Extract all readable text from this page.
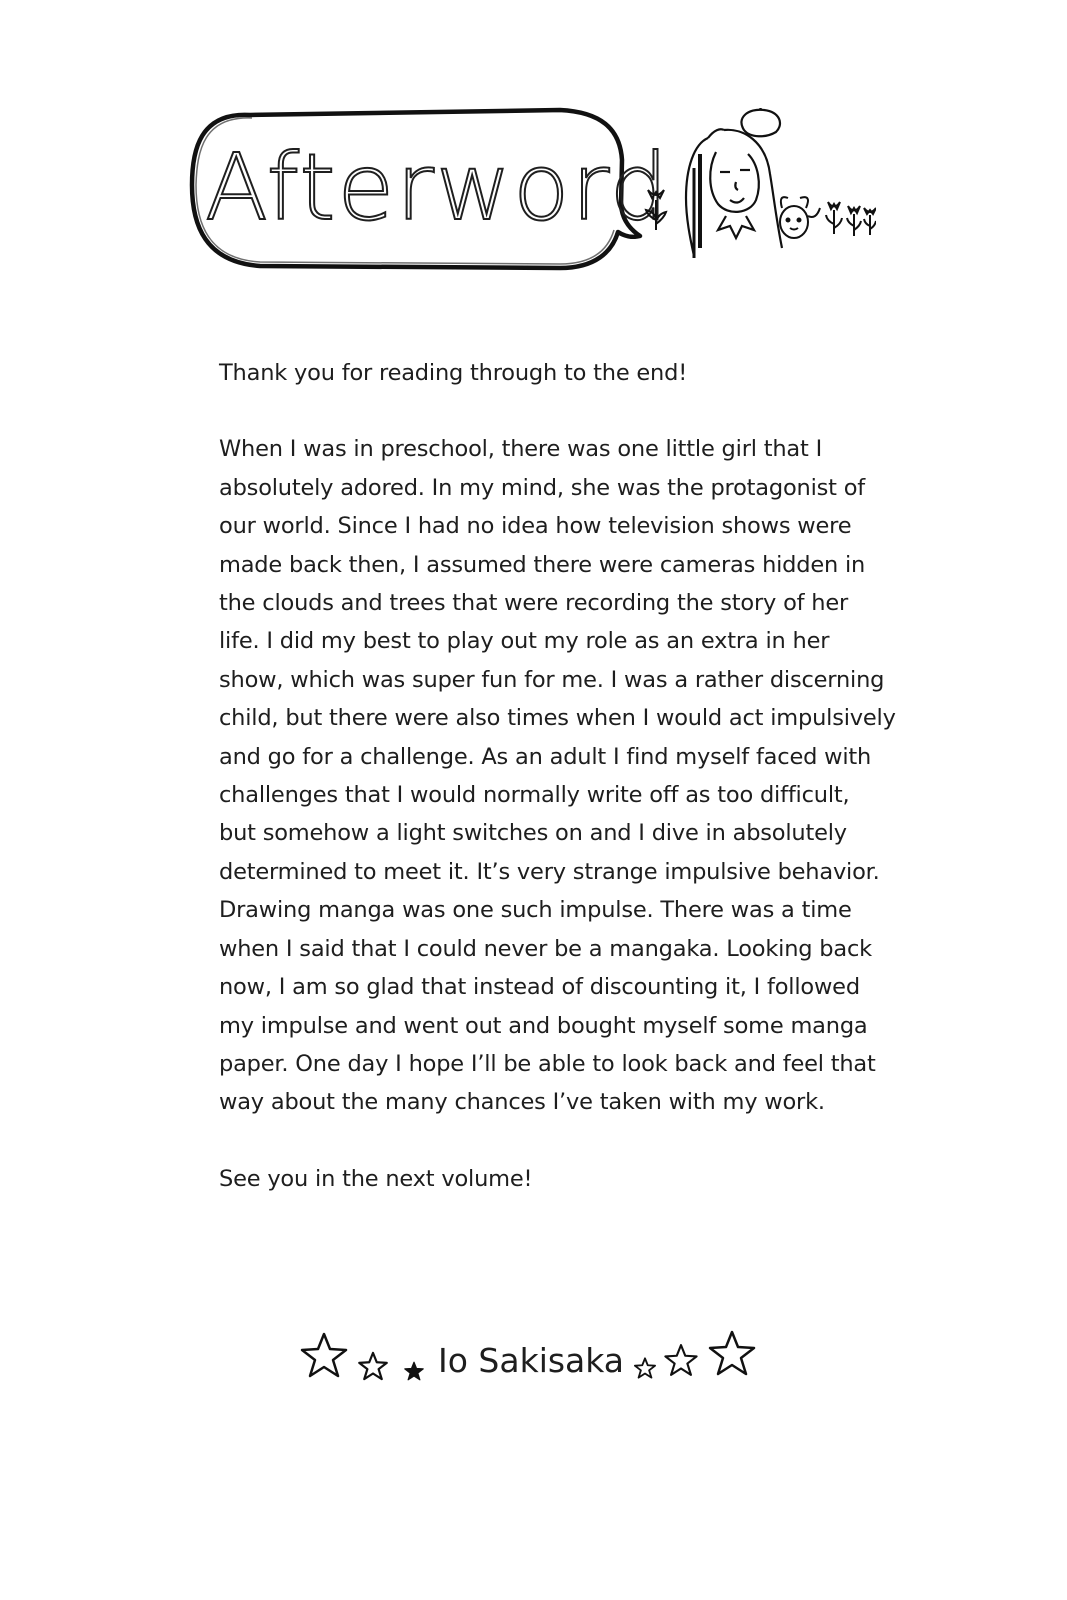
Afterword

Thank you for reading through to the end!

When I was in preschool, there was one little girl that I
absolutely adored. In my mind, she was the protagonist of
our world. Since I had no idea how television shows were
made back then, I assumed there were cameras hidden in
the clouds and trees that were recording the story of her
life. I did my best to play out my role as an extra in her
show, which was super fun for me. I was a rather discerning
child, but there were also times when I would act impulsively
and go for a challenge. As an adult I find myself faced with
challenges that I would normally write off as too difficult,
but somehow a light switches on and I dive in absolutely
determined to meet it. It’s very strange impulsive behavior.
Drawing manga was one such impulse. There was a time
when I said that I could never be a mangaka. Looking back
now, I am so glad that instead of discounting it, I followed
my impulse and went out and bought myself some manga
paper. One day I hope I’ll be able to look back and feel that
way about the many chances I’ve taken with my work.

See you in the next volume!

Io Sakisaka
